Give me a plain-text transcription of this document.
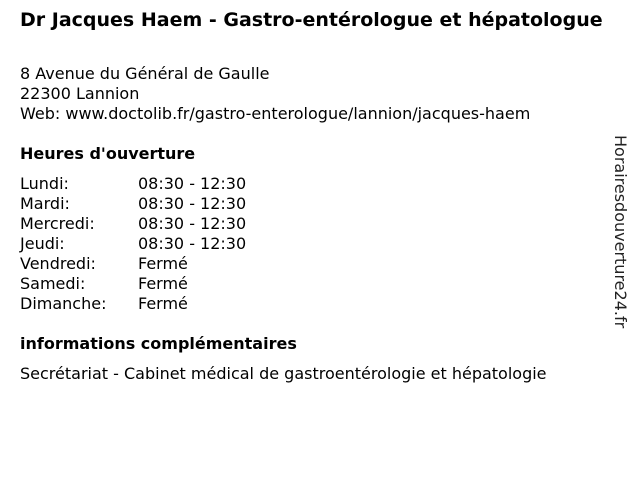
Dr Jacques Haem - Gastro-entérologue et hépatologue
8 Avenue du Général de Gaulle
22300 Lannion
Web: www.doctolib.fr/gastro-enterologue/lannion/jacques-haem
Heures d'ouverture
Lundi:	08:30 - 12:30
Mardi:	08:30 - 12:30
Mercredi:	08:30 - 12:30
Jeudi:	08:30 - 12:30
Vendredi:	Fermé
Samedi:	Fermé
Dimanche:	Fermé
informations complémentaires
Secrétariat - Cabinet médical de gastroentérologie et hépatologie
Horairesdouverture24.fr
